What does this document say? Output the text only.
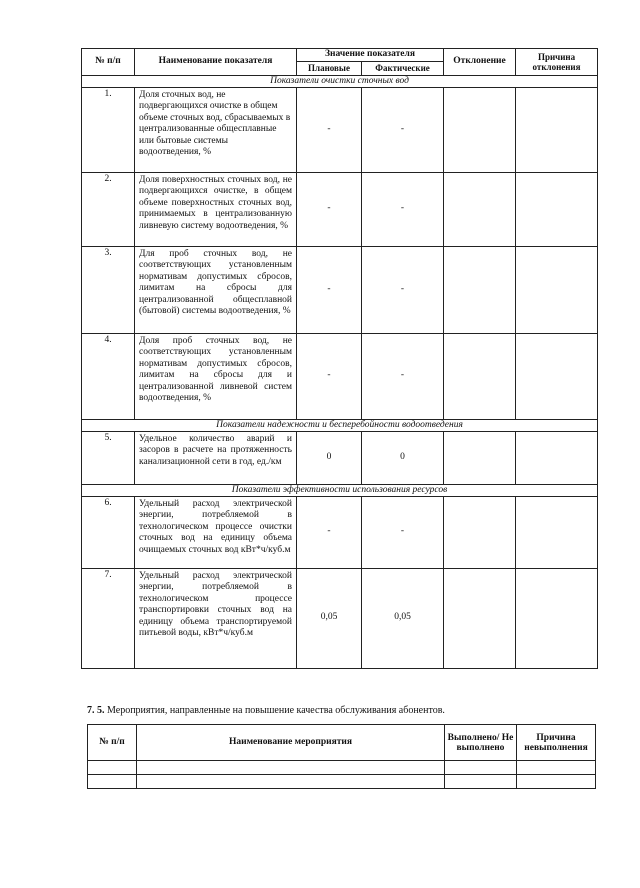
№ п/п	Наименование показателя	Значение показателя		Отклонение	Причина отклонения
		Плановые	Фактические		
Показатели очистки сточных вод					
1.	Доля сточных вод, не подвергающихся очистке в общем объеме сточных вод, сбрасываемых в централизованные общесплавные или бытовые системы водоотведения, %	-	-		
2.	Доля поверхностных сточных вод, не подвергающихся очистке, в общем объеме поверхностных сточных вод, принимаемых в централизованную ливневую систему водоотведения, %	-	-		
3.	Для проб сточных вод, не соответствующих установленным нормативам допустимых сбросов, лимитам на сбросы для централизованной общесплавной (бытовой) системы водоотведения, %	-	-		
4.	Доля проб сточных вод, не соответствующих установленным нормативам допустимых сбросов, лимитам на сбросы для и централизованной ливневой систем водоотведения, %	-	-		
Показатели надежности и бесперебойности водоотведения					
5.	Удельное количество аварий и засоров в расчете на протяженность канализационной сети в год, ед./км	0	0		
Показатели эффективности использования ресурсов					
6.	Удельный расход электрической энергии, потребляемой в технологическом процессе очистки сточных вод на единицу объема очищаемых сточных вод кВт*ч/куб.м	-	-		
7.	Удельный расход электрической энергии, потребляемой в технологическом процессе транспортировки сточных вод на единицу объема транспортируемой питьевой воды, кВт*ч/куб.м	0,05	0,05		
7. 5. Мероприятия, направленные на повышение качества обслуживания абонентов.
№ п/п	Наименование мероприятия	Выполнено/ Не выполнено	Причина невыполнения
